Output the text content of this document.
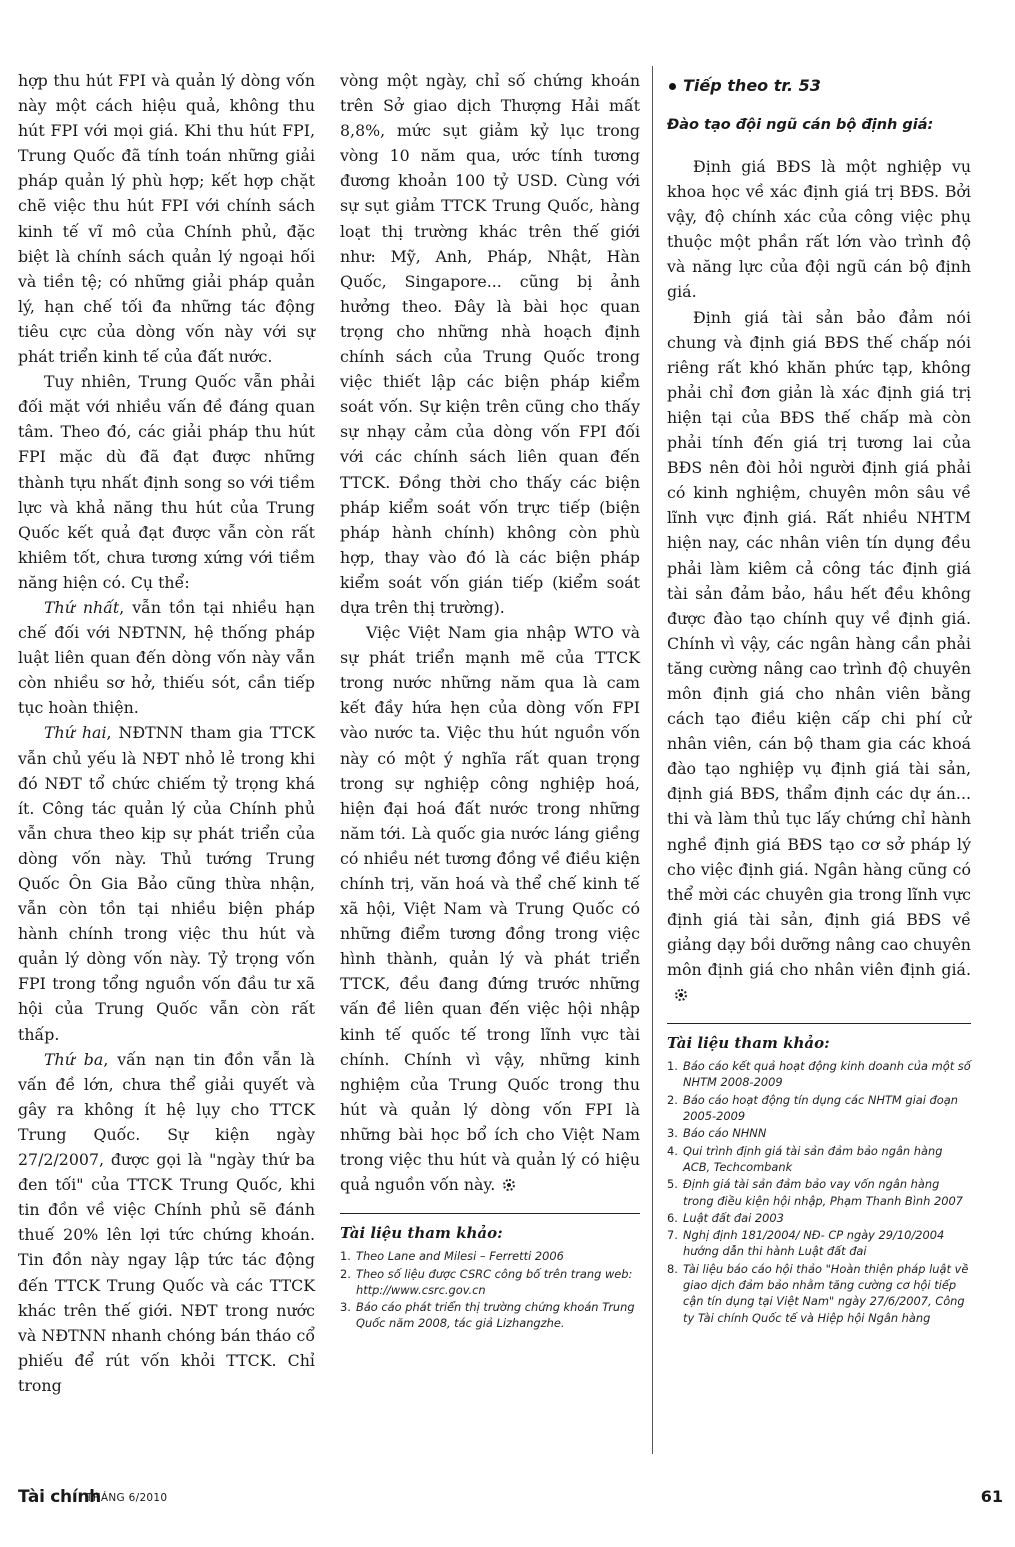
hợp thu hút FPI và quản lý dòng vốn này một cách hiệu quả, không thu hút FPI với mọi giá. Khi thu hút FPI, Trung Quốc đã tính toán những giải pháp quản lý phù hợp; kết hợp chặt chẽ việc thu hút FPI với chính sách kinh tế vĩ mô của Chính phủ, đặc biệt là chính sách quản lý ngoại hối và tiền tệ; có những giải pháp quản lý, hạn chế tối đa những tác động tiêu cực của dòng vốn này với sự phát triển kinh tế của đất nước.

Tuy nhiên, Trung Quốc vẫn phải đối mặt với nhiều vấn đề đáng quan tâm. Theo đó, các giải pháp thu hút FPI mặc dù đã đạt được những thành tựu nhất định song so với tiềm lực và khả năng thu hút của Trung Quốc kết quả đạt được vẫn còn rất khiêm tốt, chưa tương xứng với tiềm năng hiện có. Cụ thể:

Thứ nhất, vẫn tồn tại nhiều hạn chế đối với NĐTNN, hệ thống pháp luật liên quan đến dòng vốn này vẫn còn nhiều sơ hở, thiếu sót, cần tiếp tục hoàn thiện.

Thứ hai, NĐTNN tham gia TTCK vẫn chủ yếu là NĐT nhỏ lẻ trong khi đó NĐT tổ chức chiếm tỷ trọng khá ít. Công tác quản lý của Chính phủ vẫn chưa theo kịp sự phát triển của dòng vốn này. Thủ tướng Trung Quốc Ôn Gia Bảo cũng thừa nhận, vẫn còn tồn tại nhiều biện pháp hành chính trong việc thu hút và quản lý dòng vốn này. Tỷ trọng vốn FPI trong tổng nguồn vốn đầu tư xã hội của Trung Quốc vẫn còn rất thấp.

Thứ ba, vấn nạn tin đồn vẫn là vấn đề lớn, chưa thể giải quyết và gây ra không ít hệ lụy cho TTCK Trung Quốc. Sự kiện ngày 27/2/2007, được gọi là "ngày thứ ba đen tối" của TTCK Trung Quốc, khi tin đồn về việc Chính phủ sẽ đánh thuế 20% lên lợi tức chứng khoán. Tin đồn này ngay lập tức tác động đến TTCK Trung Quốc và các TTCK khác trên thế giới. NĐT trong nước và NĐTNN nhanh chóng bán tháo cổ phiếu để rút vốn khỏi TTCK. Chỉ trong

vòng một ngày, chỉ số chứng khoán trên Sở giao dịch Thượng Hải mất 8,8%, mức sụt giảm kỷ lục trong vòng 10 năm qua, ước tính tương đương khoản 100 tỷ USD. Cùng với sự sụt giảm TTCK Trung Quốc, hàng loạt thị trường khác trên thế giới như: Mỹ, Anh, Pháp, Nhật, Hàn Quốc, Singapore... cũng bị ảnh hưởng theo. Đây là bài học quan trọng cho những nhà hoạch định chính sách của Trung Quốc trong việc thiết lập các biện pháp kiểm soát vốn. Sự kiện trên cũng cho thấy sự nhạy cảm của dòng vốn FPI đối với các chính sách liên quan đến TTCK. Đồng thời cho thấy các biện pháp kiểm soát vốn trực tiếp (biện pháp hành chính) không còn phù hợp, thay vào đó là các biện pháp kiểm soát vốn gián tiếp (kiểm soát dựa trên thị trường).

Việc Việt Nam gia nhập WTO và sự phát triển mạnh mẽ của TTCK trong nước những năm qua là cam kết đầy hứa hẹn của dòng vốn FPI vào nước ta. Việc thu hút nguồn vốn này có một ý nghĩa rất quan trọng trong sự nghiệp công nghiệp hoá, hiện đại hoá đất nước trong những năm tới. Là quốc gia nước láng giềng có nhiều nét tương đồng về điều kiện chính trị, văn hoá và thể chế kinh tế xã hội, Việt Nam và Trung Quốc có những điểm tương đồng trong việc hình thành, quản lý và phát triển TTCK, đều đang đứng trước những vấn đề liên quan đến việc hội nhập kinh tế quốc tế trong lĩnh vực tài chính. Chính vì vậy, những kinh nghiệm của Trung Quốc trong thu hút và quản lý dòng vốn FPI là những bài học bổ ích cho Việt Nam trong việc thu hút và quản lý có hiệu quả nguồn vốn này.

Tài liệu tham khảo:
1. Theo Lane and Milesi – Ferretti 2006
2. Theo số liệu được CSRC công bố trên trang web: http://www.csrc.gov.cn
3. Báo cáo phát triển thị trường chứng khoán Trung Quốc năm 2008, tác giả Lizhangzhe.
Tiếp theo tr. 53
Đào tạo đội ngũ cán bộ định giá:

Định giá BĐS là một nghiệp vụ khoa học về xác định giá trị BĐS. Bởi vậy, độ chính xác của công việc phụ thuộc một phần rất lớn vào trình độ và năng lực của đội ngũ cán bộ định giá.

Định giá tài sản bảo đảm nói chung và định giá BĐS thế chấp nói riêng rất khó khăn phức tạp, không phải chỉ đơn giản là xác định giá trị hiện tại của BĐS thế chấp mà còn phải tính đến giá trị tương lai của BĐS nên đòi hỏi người định giá phải có kinh nghiệm, chuyên môn sâu về lĩnh vực định giá. Rất nhiều NHTM hiện nay, các nhân viên tín dụng đều phải làm kiêm cả công tác định giá tài sản đảm bảo, hầu hết đều không được đào tạo chính quy về định giá. Chính vì vậy, các ngân hàng cần phải tăng cường nâng cao trình độ chuyên môn định giá cho nhân viên bằng cách tạo điều kiện cấp chi phí cử nhân viên, cán bộ tham gia các khoá đào tạo nghiệp vụ định giá tài sản, định giá BĐS, thẩm định các dự án... thi và làm thủ tục lấy chứng chỉ hành nghề định giá BĐS tạo cơ sở pháp lý cho việc định giá. Ngân hàng cũng có thể mời các chuyên gia trong lĩnh vực định giá tài sản, định giá BĐS về giảng dạy bồi dưỡng nâng cao chuyên môn định giá cho nhân viên định giá.

Tài liệu tham khảo:
1. Báo cáo kết quả hoạt động kinh doanh của một số NHTM 2008-2009
2. Báo cáo hoạt động tín dụng các NHTM giai đoạn 2005-2009
3. Báo cáo NHNN
4. Qui trình định giá tài sản đảm bảo ngân hàng ACB, Techcombank
5. Định giá tài sản đảm bảo vay vốn ngân hàng trong điều kiện hội nhập, Phạm Thanh Bình 2007
6. Luật đất đai 2003
7. Nghị định 181/2004/ NĐ- CP ngày 29/10/2004 hướng dẫn thi hành Luật đất đai
8. Tài liệu báo cáo hội thảo "Hoàn thiện pháp luật về giao dịch đảm bảo nhằm tăng cường cơ hội tiếp cận tín dụng tại Việt Nam" ngày 27/6/2007, Công ty Tài chính Quốc tế và Hiệp hội Ngân hàng
Tài chính
THÁNG 6/2010	61
